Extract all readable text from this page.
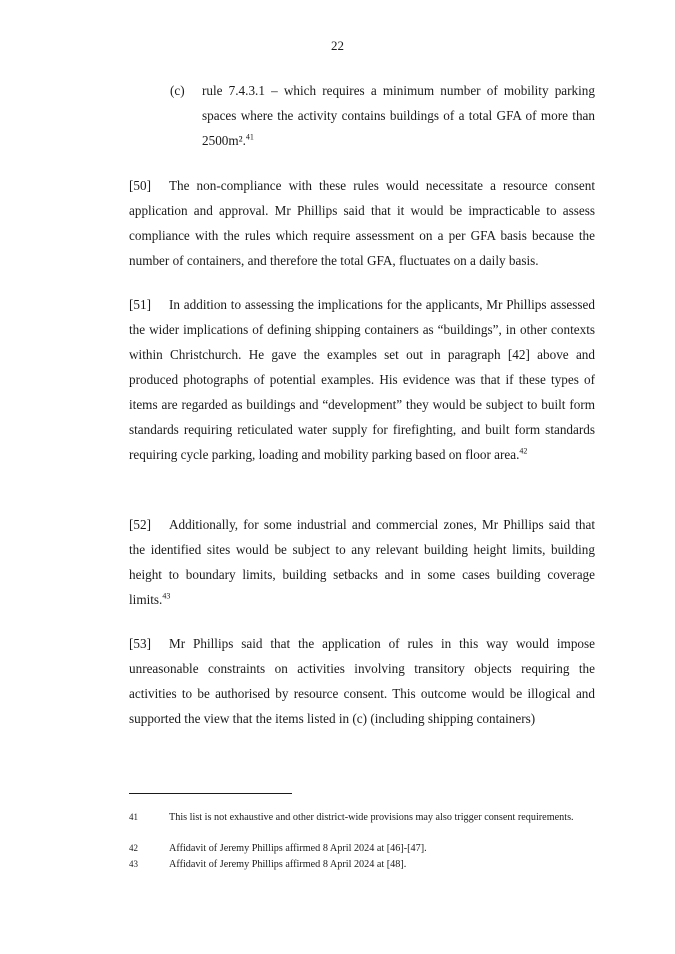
22
(c) rule 7.4.3.1 – which requires a minimum number of mobility parking spaces where the activity contains buildings of a total GFA of more than 2500m².$^{41}$
[50] The non-compliance with these rules would necessitate a resource consent application and approval. Mr Phillips said that it would be impracticable to assess compliance with the rules which require assessment on a per GFA basis because the number of containers, and therefore the total GFA, fluctuates on a daily basis.
[51] In addition to assessing the implications for the applicants, Mr Phillips assessed the wider implications of defining shipping containers as “buildings”, in other contexts within Christchurch. He gave the examples set out in paragraph [42] above and produced photographs of potential examples. His evidence was that if these types of items are regarded as buildings and “development” they would be subject to built form standards requiring reticulated water supply for firefighting, and built form standards requiring cycle parking, loading and mobility parking based on floor area.$^{42}$
[52] Additionally, for some industrial and commercial zones, Mr Phillips said that the identified sites would be subject to any relevant building height limits, building height to boundary limits, building setbacks and in some cases building coverage limits.$^{43}$
[53] Mr Phillips said that the application of rules in this way would impose unreasonable constraints on activities involving transitory objects requiring the activities to be authorised by resource consent. This outcome would be illogical and supported the view that the items listed in (c) (including shipping containers)
41	This list is not exhaustive and other district-wide provisions may also trigger consent requirements.
42	Affidavit of Jeremy Phillips affirmed 8 April 2024 at [46]-[47].
43	Affidavit of Jeremy Phillips affirmed 8 April 2024 at [48].
